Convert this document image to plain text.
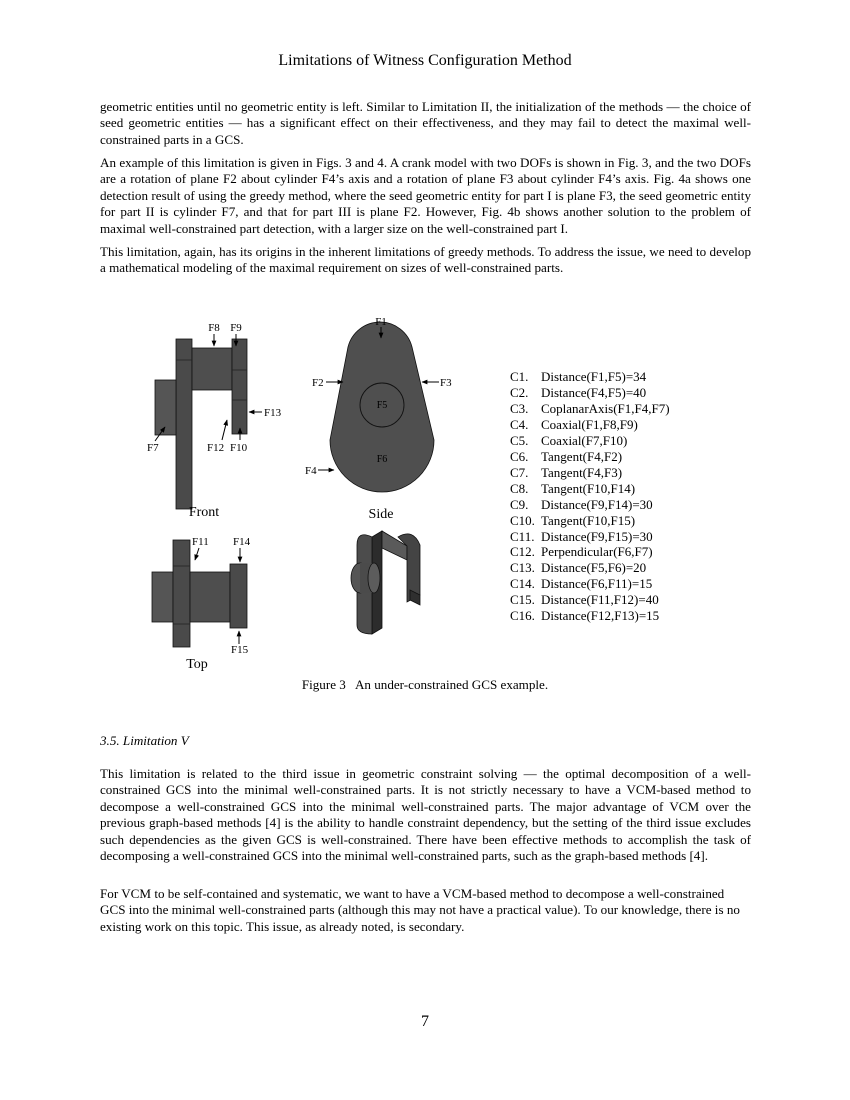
Limitations of Witness Configuration Method

geometric entities until no geometric entity is left. Similar to Limitation II, the initialization of the methods — the choice of seed geometric entities — has a significant effect on their effectiveness, and they may fail to detect the maximal well-constrained parts in a GCS.

An example of this limitation is given in Figs. 3 and 4. A crank model with two DOFs is shown in Fig. 3, and the two DOFs are a rotation of plane F2 about cylinder F4’s axis and a rotation of plane F3 about cylinder F4’s axis. Fig. 4a shows one detection result of using the greedy method, where the seed geometric entity for part I is plane F3, the seed geometric entity for part II is cylinder F7, and that for part III is plane F2. However, Fig. 4b shows another solution to the problem of maximal well-constrained part detection, with a larger size on the well-constrained part I.

This limitation, again, has its origins in the inherent limitations of greedy methods. To address the issue, we need to develop a mathematical modeling of the maximal requirement on sizes of well-constrained parts.

F8 F9
F13
F7	F12 F10
Front
F1
F2	F3
F5
F6
F4
Side
F11 F14
F15
Top
C1. Distance(F1,F5)=34
C2. Distance(F4,F5)=40
C3. CoplanarAxis(F1,F4,F7)
C4. Coaxial(F1,F8,F9)
C5. Coaxial(F7,F10)
C6. Tangent(F4,F2)
C7. Tangent(F4,F3)
C8. Tangent(F10,F14)
C9. Distance(F9,F14)=30
C10. Tangent(F10,F15)
C11. Distance(F9,F15)=30
C12. Perpendicular(F6,F7)
C13. Distance(F5,F6)=20
C14. Distance(F6,F11)=15
C15. Distance(F11,F12)=40
C16. Distance(F12,F13)=15
Figure 3   An under-constrained GCS example.
3.5. Limitation V

This limitation is related to the third issue in geometric constraint solving — the optimal decomposition of a well-constrained GCS into the minimal well-constrained parts. It is not strictly necessary to have a VCM-based method to decompose a well-constrained GCS into the minimal well-constrained parts. The major advantage of VCM over the previous graph-based methods [4] is the ability to handle constraint dependency, but the setting of the third issue excludes such dependencies as the given GCS is well-constrained. There have been effective methods to accomplish the task of decomposing a well-constrained GCS into the minimal well-constrained parts, such as the graph-based methods [4].

For VCM to be self-contained and systematic, we want to have a VCM-based method to decompose a well-constrained GCS into the minimal well-constrained parts (although this may not have a practical value). To our knowledge, there is no existing work on this topic. This issue, as already noted, is secondary.

7
